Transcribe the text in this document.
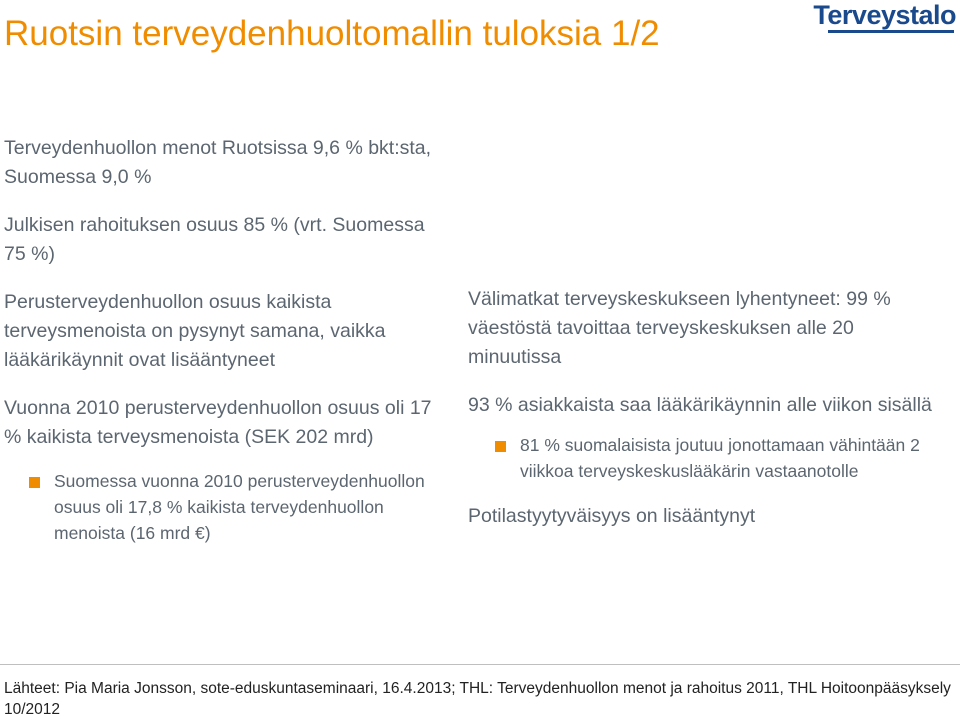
Ruotsin terveydenhuoltomallin tuloksia 1/2	Terveystalo

Terveydenhuollon menot Ruotsissa 9,6 % bkt:sta, Suomessa 9,0 %

Julkisen rahoituksen osuus 85 % (vrt. Suomessa 75 %)

Perusterveydenhuollon osuus kaikista terveysmenoista on pysynyt samana, vaikka lääkärikäynnit ovat lisääntyneet

Vuonna 2010 perusterveydenhuollon osuus oli 17 % kaikista terveysmenoista (SEK 202 mrd)

Suomessa vuonna 2010 perusterveydenhuollon osuus oli 17,8 % kaikista terveydenhuollon menoista (16 mrd €)

Välimatkat terveyskeskukseen lyhentyneet: 99 % väestöstä tavoittaa terveyskeskuksen alle 20 minuutissa

93 % asiakkaista saa lääkärikäynnin alle viikon sisällä

81 % suomalaisista joutuu jonottamaan vähintään 2 viikkoa terveyskeskuslääkärin vastaanotolle

Potilastyytyväisyys on lisääntynyt

Lähteet: Pia Maria Jonsson, sote-eduskuntaseminaari, 16.4.2013; THL: Terveydenhuollon menot ja rahoitus 2011, THL Hoitoonpääsyksely 10/2012
